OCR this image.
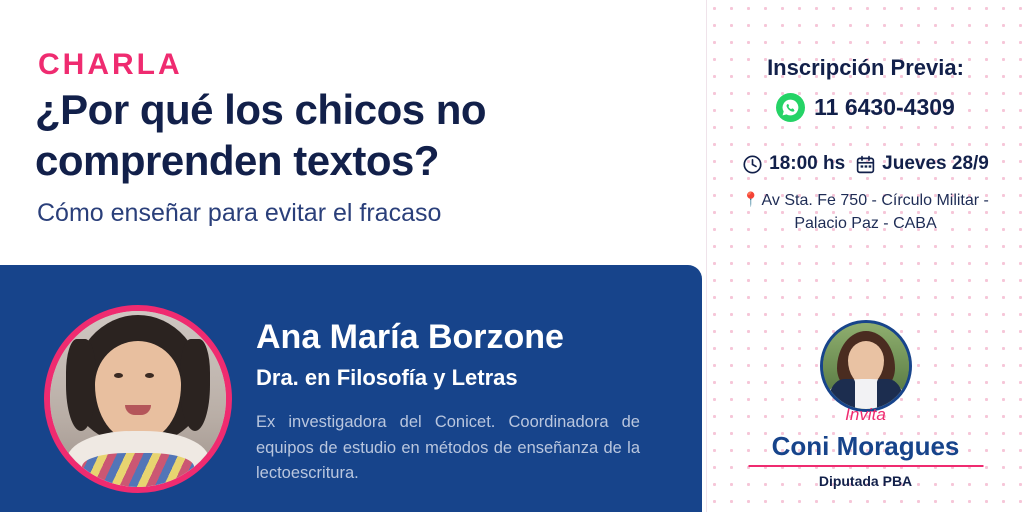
CHARLA
¿Por qué los chicos no comprenden textos?
Cómo enseñar para evitar el fracaso
Ana María Borzone
Dra. en Filosofía y Letras
Ex investigadora del Conicet. Coordinadora de equipos de estudio en métodos de enseñanza de la lectoescritura.
Inscripción Previa:
11 6430-4309
18:00 hs Jueves 28/9
📍 Av Sta. Fe 750 - Círculo Militar - Palacio Paz - CABA
Invita
Coni Moragues
Diputada PBA
